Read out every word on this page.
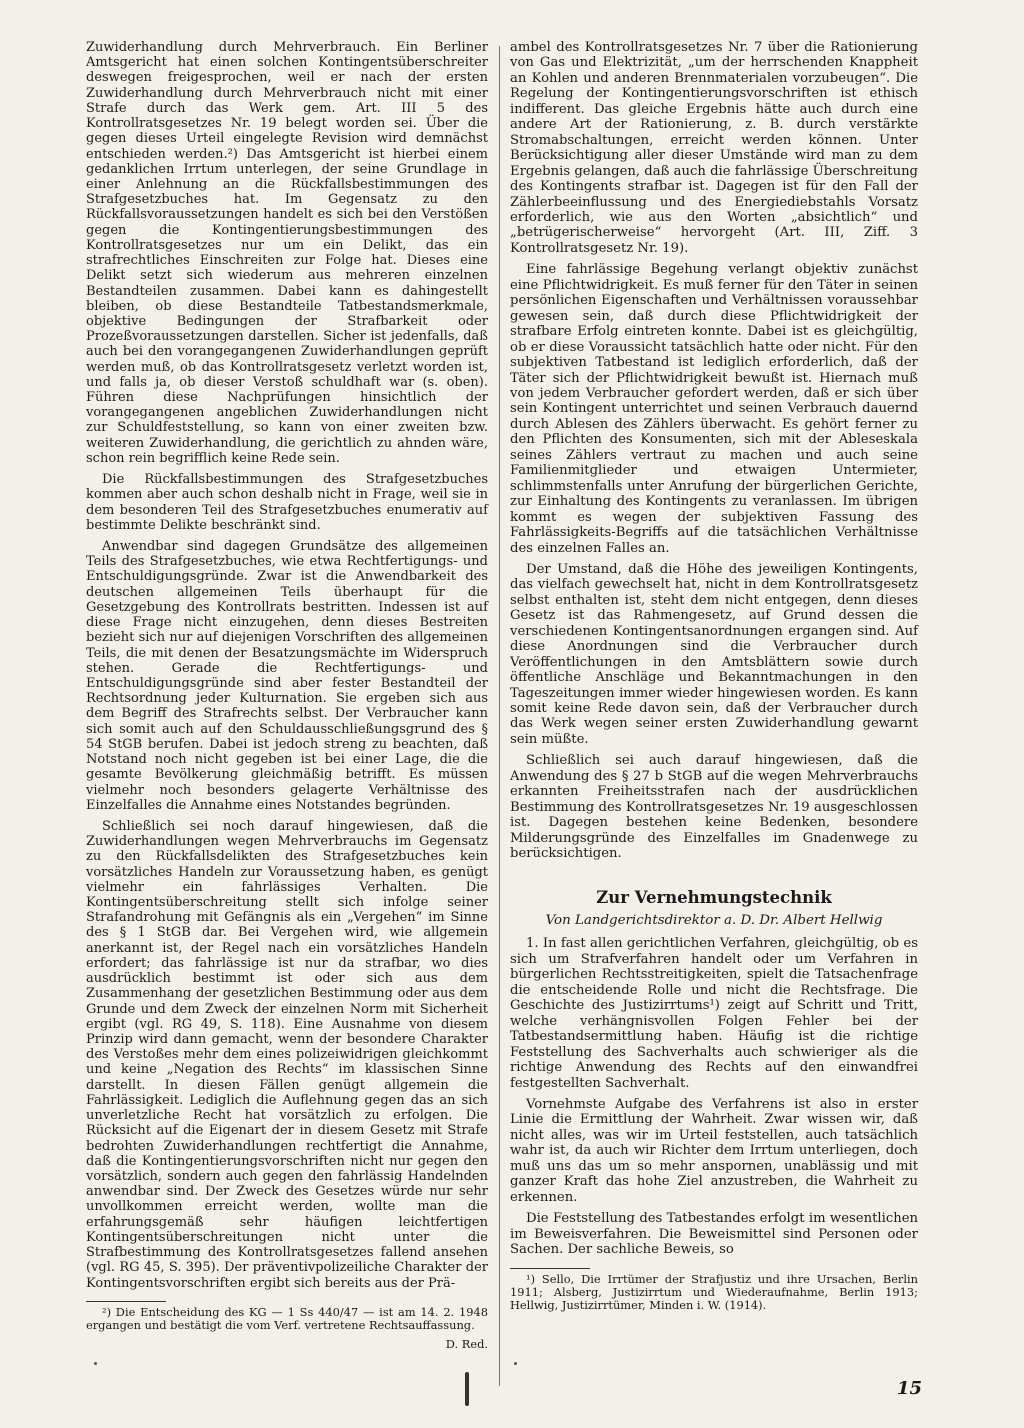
Zuwiderhandlung durch Mehrverbrauch. Ein Berliner Amtsgericht hat einen solchen Kontingentsüberschreiter deswegen freigesprochen, weil er nach der ersten Zuwiderhandlung durch Mehrverbrauch nicht mit einer Strafe durch das Werk gem. Art. III 5 des Kontrollratsgesetzes Nr. 19 belegt worden sei. Über die gegen dieses Urteil eingelegte Revision wird demnächst entschieden werden.²) Das Amtsgericht ist hierbei einem gedanklichen Irrtum unterlegen, der seine Grundlage in einer Anlehnung an die Rückfallsbestimmungen des Strafgesetzbuches hat. Im Gegensatz zu den Rückfallsvoraussetzungen handelt es sich bei den Verstößen gegen die Kontingentierungsbestimmungen des Kontrollratsgesetzes nur um ein Delikt, das ein strafrechtliches Einschreiten zur Folge hat. Dieses eine Delikt setzt sich wiederum aus mehreren einzelnen Bestandteilen zusammen. Dabei kann es dahingestellt bleiben, ob diese Bestandteile Tatbestandsmerkmale, objektive Bedingungen der Strafbarkeit oder Prozeßvoraussetzungen darstellen. Sicher ist jedenfalls, daß auch bei den vorangegangenen Zuwiderhandlungen geprüft werden muß, ob das Kontrollratsgesetz verletzt worden ist, und falls ja, ob dieser Verstoß schuldhaft war (s. oben). Führen diese Nachprüfungen hinsichtlich der vorangegangenen angeblichen Zuwiderhandlungen nicht zur Schuldfeststellung, so kann von einer zweiten bzw. weiteren Zuwiderhandlung, die gerichtlich zu ahnden wäre, schon rein begrifflich keine Rede sein.

Die Rückfallsbestimmungen des Strafgesetzbuches kommen aber auch schon deshalb nicht in Frage, weil sie in dem besonderen Teil des Strafgesetzbuches enumerativ auf bestimmte Delikte beschränkt sind.

Anwendbar sind dagegen Grundsätze des allgemeinen Teils des Strafgesetzbuches, wie etwa Rechtfertigungs- und Entschuldigungsgründe. Zwar ist die Anwendbarkeit des deutschen allgemeinen Teils überhaupt für die Gesetzgebung des Kontrollrats bestritten. Indessen ist auf diese Frage nicht einzugehen, denn dieses Bestreiten bezieht sich nur auf diejenigen Vorschriften des allgemeinen Teils, die mit denen der Besatzungsmächte im Widerspruch stehen. Gerade die Rechtfertigungs- und Entschuldigungsgründe sind aber fester Bestandteil der Rechtsordnung jeder Kulturnation. Sie ergeben sich aus dem Begriff des Strafrechts selbst. Der Verbraucher kann sich somit auch auf den Schuldausschließungsgrund des § 54 StGB berufen. Dabei ist jedoch streng zu beachten, daß Notstand noch nicht gegeben ist bei einer Lage, die die gesamte Bevölkerung gleichmäßig betrifft. Es müssen vielmehr noch besonders gelagerte Verhältnisse des Einzelfalles die Annahme eines Notstandes begründen.

Schließlich sei noch darauf hingewiesen, daß die Zuwiderhandlungen wegen Mehrverbrauchs im Gegensatz zu den Rückfallsdelikten des Strafgesetzbuches kein vorsätzliches Handeln zur Voraussetzung haben, es genügt vielmehr ein fahrlässiges Verhalten. Die Kontingentsüberschreitung stellt sich infolge seiner Strafandrohung mit Gefängnis als ein „Vergehen“ im Sinne des § 1 StGB dar. Bei Vergehen wird, wie allgemein anerkannt ist, der Regel nach ein vorsätzliches Handeln erfordert; das fahrlässige ist nur da strafbar, wo dies ausdrücklich bestimmt ist oder sich aus dem Zusammenhang der gesetzlichen Bestimmung oder aus dem Grunde und dem Zweck der einzelnen Norm mit Sicherheit ergibt (vgl. RG 49, S. 118). Eine Ausnahme von diesem Prinzip wird dann gemacht, wenn der besondere Charakter des Verstoßes mehr dem eines polizeiwidrigen gleichkommt und keine „Negation des Rechts“ im klassischen Sinne darstellt. In diesen Fällen genügt allgemein die Fahrlässigkeit. Lediglich die Auflehnung gegen das an sich unverletzliche Recht hat vorsätzlich zu erfolgen. Die Rücksicht auf die Eigenart der in diesem Gesetz mit Strafe bedrohten Zuwiderhandlungen rechtfertigt die Annahme, daß die Kontingentierungsvorschriften nicht nur gegen den vorsätzlich, sondern auch gegen den fahrlässig Handelnden anwendbar sind. Der Zweck des Gesetzes würde nur sehr unvollkommen erreicht werden, wollte man die erfahrungsgemäß sehr häufigen leichtfertigen Kontingentsüberschreitungen nicht unter die Strafbestimmung des Kontrollratsgesetzes fallend ansehen (vgl. RG 45, S. 395). Der präventivpolizeiliche Charakter der Kontingentsvorschriften ergibt sich bereits aus der Prä-

²) Die Entscheidung des KG — 1 Ss 440/47 — ist am 14. 2. 1948 ergangen und bestätigt die vom Verf. vertretene Rechtsauffassung.

D. Red.

ambel des Kontrollratsgesetzes Nr. 7 über die Rationierung von Gas und Elektrizität, „um der herrschenden Knappheit an Kohlen und anderen Brennmaterialen vorzubeugen“. Die Regelung der Kontingentierungsvorschriften ist ethisch indifferent. Das gleiche Ergebnis hätte auch durch eine andere Art der Rationierung, z. B. durch verstärkte Stromabschaltungen, erreicht werden können. Unter Berücksichtigung aller dieser Umstände wird man zu dem Ergebnis gelangen, daß auch die fahrlässige Überschreitung des Kontingents strafbar ist. Dagegen ist für den Fall der Zählerbeeinflussung und des Energiediebstahls Vorsatz erforderlich, wie aus den Worten „absichtlich“ und „betrügerischerweise“ hervorgeht (Art. III, Ziff. 3 Kontrollratsgesetz Nr. 19).

Eine fahrlässige Begehung verlangt objektiv zunächst eine Pflichtwidrigkeit. Es muß ferner für den Täter in seinen persönlichen Eigenschaften und Verhältnissen voraussehbar gewesen sein, daß durch diese Pflichtwidrigkeit der strafbare Erfolg eintreten konnte. Dabei ist es gleichgültig, ob er diese Voraussicht tatsächlich hatte oder nicht. Für den subjektiven Tatbestand ist lediglich erforderlich, daß der Täter sich der Pflichtwidrigkeit bewußt ist. Hiernach muß von jedem Verbraucher gefordert werden, daß er sich über sein Kontingent unterrichtet und seinen Verbrauch dauernd durch Ablesen des Zählers überwacht. Es gehört ferner zu den Pflichten des Konsumenten, sich mit der Ableseskala seines Zählers vertraut zu machen und auch seine Familienmitglieder und etwaigen Untermieter, schlimmstenfalls unter Anrufung der bürgerlichen Gerichte, zur Einhaltung des Kontingents zu veranlassen. Im übrigen kommt es wegen der subjektiven Fassung des Fahrlässigkeits-Begriffs auf die tatsächlichen Verhältnisse des einzelnen Falles an.

Der Umstand, daß die Höhe des jeweiligen Kontingents, das vielfach gewechselt hat, nicht in dem Kontrollratsgesetz selbst enthalten ist, steht dem nicht entgegen, denn dieses Gesetz ist das Rahmengesetz, auf Grund dessen die verschiedenen Kontingentsanordnungen ergangen sind. Auf diese Anordnungen sind die Verbraucher durch Veröffentlichungen in den Amtsblättern sowie durch öffentliche Anschläge und Bekanntmachungen in den Tageszeitungen immer wieder hingewiesen worden. Es kann somit keine Rede davon sein, daß der Verbraucher durch das Werk wegen seiner ersten Zuwiderhandlung gewarnt sein müßte.

Schließlich sei auch darauf hingewiesen, daß die Anwendung des § 27 b StGB auf die wegen Mehrverbrauchs erkannten Freiheitsstrafen nach der ausdrücklichen Bestimmung des Kontrollratsgesetzes Nr. 19 ausgeschlossen ist. Dagegen bestehen keine Bedenken, besondere Milderungsgründe des Einzelfalles im Gnadenwege zu berücksichtigen.

Zur Vernehmungstechnik
Von Landgerichtsdirektor a. D. Dr. Albert Hellwig

1. In fast allen gerichtlichen Verfahren, gleichgültig, ob es sich um Strafverfahren handelt oder um Verfahren in bürgerlichen Rechtsstreitigkeiten, spielt die Tatsachenfrage die entscheidende Rolle und nicht die Rechtsfrage. Die Geschichte des Justizirrtums¹) zeigt auf Schritt und Tritt, welche verhängnisvollen Folgen Fehler bei der Tatbestandsermittlung haben. Häufig ist die richtige Feststellung des Sachverhalts auch schwieriger als die richtige Anwendung des Rechts auf den einwandfrei festgestellten Sachverhalt.

Vornehmste Aufgabe des Verfahrens ist also in erster Linie die Ermittlung der Wahrheit. Zwar wissen wir, daß nicht alles, was wir im Urteil feststellen, auch tatsächlich wahr ist, da auch wir Richter dem Irrtum unterliegen, doch muß uns das um so mehr anspornen, unablässig und mit ganzer Kraft das hohe Ziel anzustreben, die Wahrheit zu erkennen.

Die Feststellung des Tatbestandes erfolgt im wesentlichen im Beweisverfahren. Die Beweismittel sind Personen oder Sachen. Der sachliche Beweis, so

¹) Sello, Die Irrtümer der Strafjustiz und ihre Ursachen, Berlin 1911; Alsberg, Justizirrtum und Wiederaufnahme, Berlin 1913; Hellwig, Justizirrtümer, Minden i. W. (1914).

15
